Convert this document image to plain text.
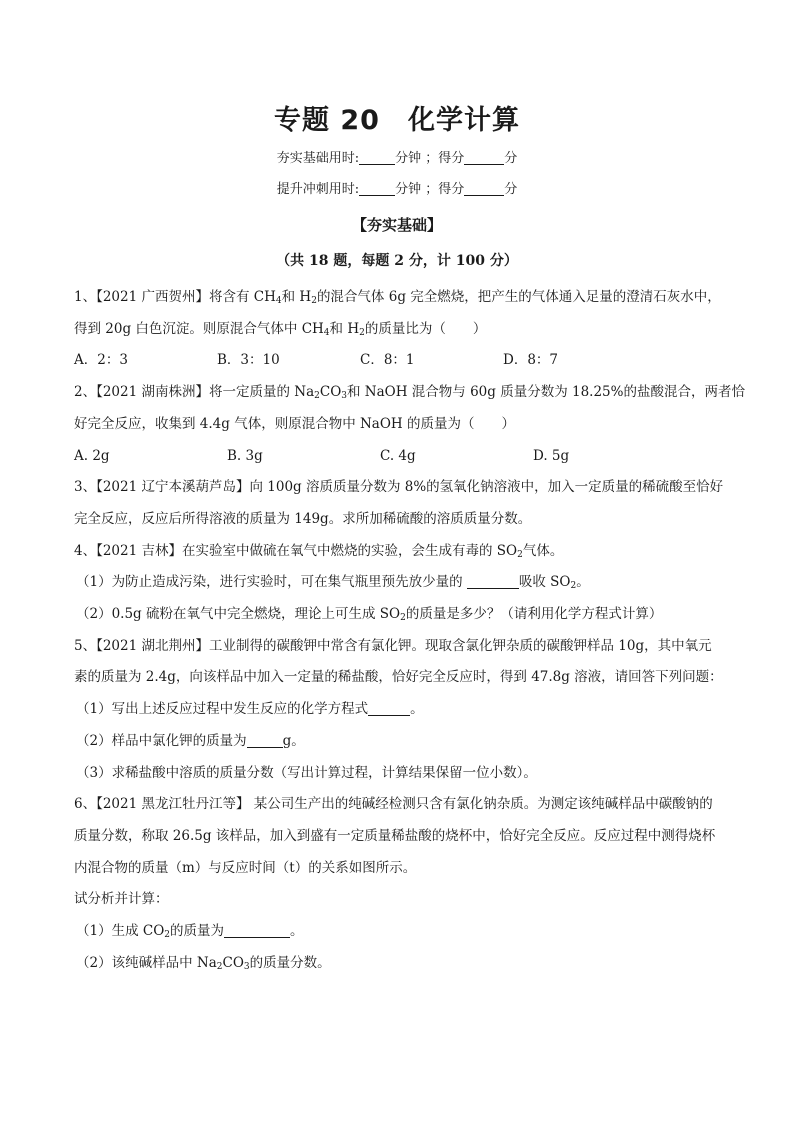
专题 20 化学计算
夯实基础用时:	分钟 ；得分	分
提升冲刺用时:	分钟 ；得分	分
【夯实基础】
（共 18 题，每题 2 分，计 100 分）

1、【2021 广西贺州】将含有 $CH_4$和 $H_2$的混合气体 6g 完全燃烧，把产生的气体通入足量的澄清石灰水中，

得到 20g 白色沉淀。则原混合气体中 $CH_4$和 $H_2$的质量比为（　　）

A．2：3	B．3：10	C．8：1	D．8：7

2、【2021 湖南株洲】将一定质量的 $Na_2CO_3$和 NaOH 混合物与 60g 质量分数为 18.25%的盐酸混合，两者恰

好完全反应，收集到 4.4g 气体，则原混合物中 NaOH 的质量为（　　）

A. 2g	B. 3g	C. 4g	D. 5g

3、【2021 辽宁本溪葫芦岛】向 100g 溶质质量分数为 8%的氢氧化钠溶液中，加入一定质量的稀硫酸至恰好

完全反应，反应后所得溶液的质量为 149g。求所加稀硫酸的溶质质量分数。

4、【2021 吉林】在实验室中做硫在氧气中燃烧的实验，会生成有毒的 $SO_2$气体。

（1）为防止造成污染，进行实验时，可在集气瓶里预先放少量的	吸收 $SO_2$。

（2）0.5g 硫粉在氧气中完全燃烧，理论上可生成 $SO_2$的质量是多少？（请利用化学方程式计算）

5、【2021 湖北荆州】工业制得的碳酸钾中常含有氯化钾。现取含氯化钾杂质的碳酸钾样品 10g，其中氧元

素的质量为 2.4g，向该样品中加入一定量的稀盐酸，恰好完全反应时，得到 47.8g 溶液，请回答下列问题：

（1）写出上述反应过程中发生反应的化学方程式	。

（2）样品中氯化钾的质量为	g。

（3）求稀盐酸中溶质的质量分数（写出计算过程，计算结果保留一位小数）。

6、【2021 黑龙江牡丹江等】 某公司生产出的纯碱经检测只含有氯化钠杂质。为测定该纯碱样品中碳酸钠的

质量分数，称取 26.5g 该样品，加入到盛有一定质量稀盐酸的烧杯中，恰好完全反应。反应过程中测得烧杯

内混合物的质量（m）与反应时间（t）的关系如图所示。

试分析并计算：

（1）生成 $CO_2$的质量为	。

（2）该纯碱样品中 $Na_2CO_3$的质量分数。
